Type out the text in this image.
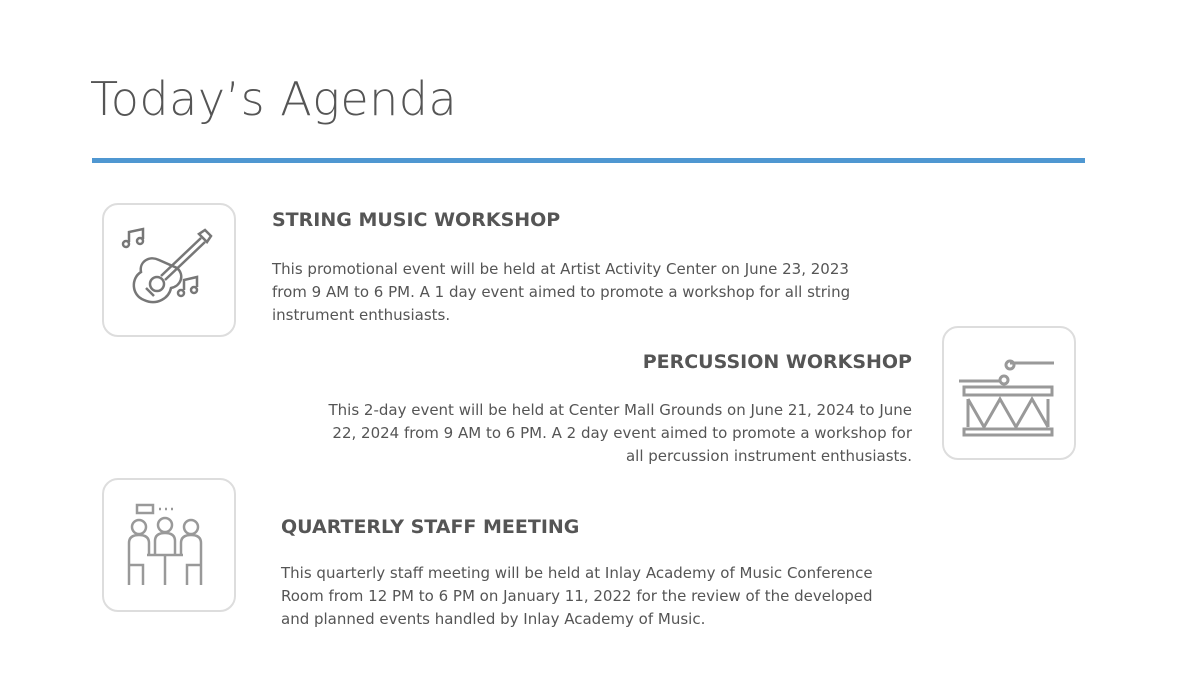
Today’s Agenda
STRING MUSIC WORKSHOP
This promotional event will be held at Artist Activity Center on June 23, 2023 from 9 AM to 6 PM. A 1 day event aimed to promote a workshop for all string instrument enthusiasts.
PERCUSSION WORKSHOP
This 2-day event will be held at Center Mall Grounds on June 21, 2024 to June 22, 2024 from 9 AM to 6 PM. A 2 day event aimed to promote a workshop for all percussion instrument enthusiasts.
QUARTERLY STAFF MEETING
This quarterly staff meeting will be held at Inlay Academy of Music Conference Room from 12 PM to 6 PM on January 11, 2022 for the review of the developed and planned events handled by Inlay Academy of Music.
